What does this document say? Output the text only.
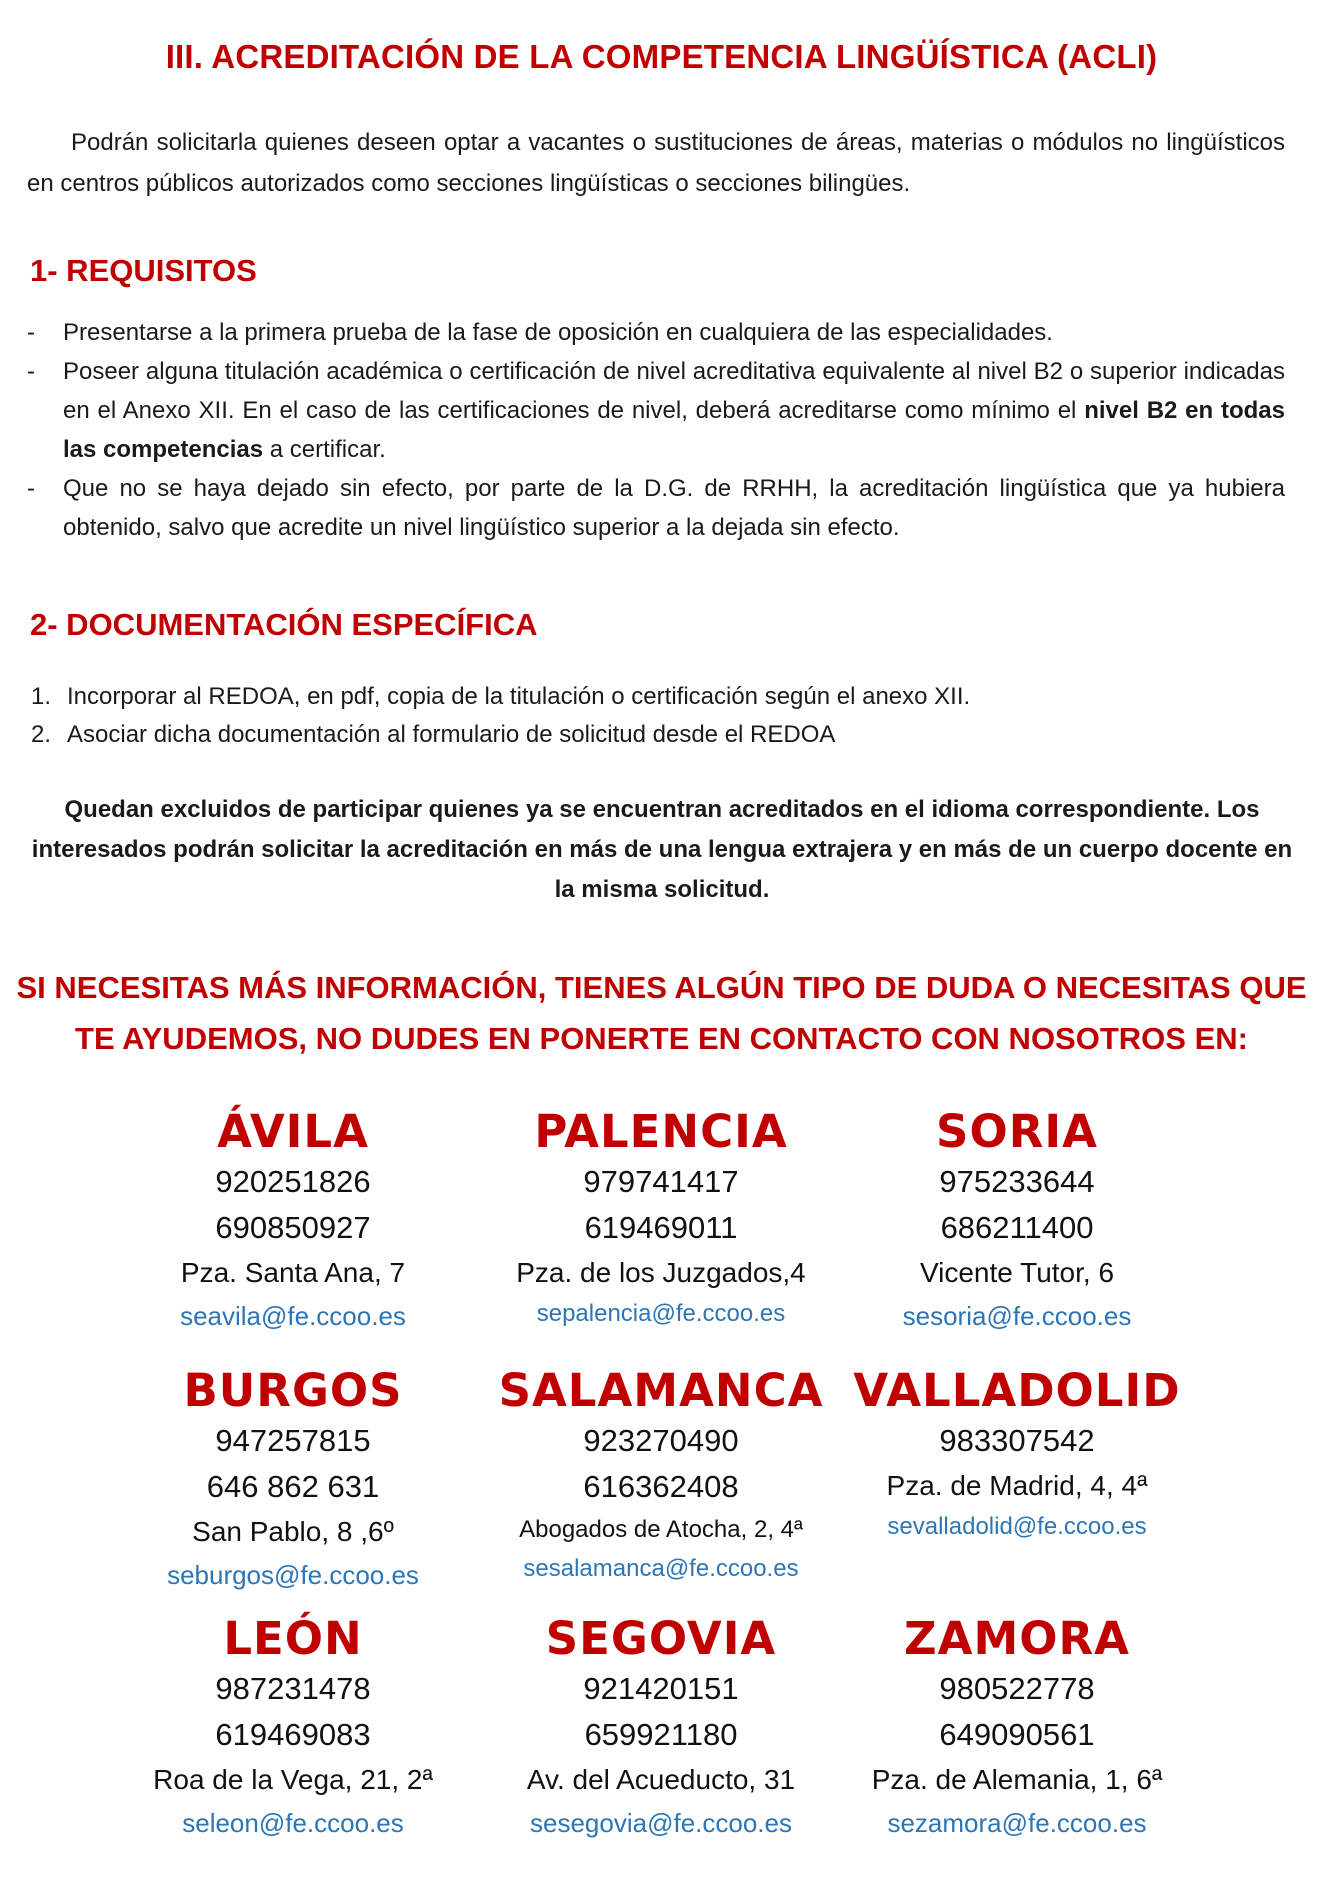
III. ACREDITACIÓN DE LA COMPETENCIA LINGÜÍSTICA (ACLI)
Podrán solicitarla quienes deseen optar a vacantes o sustituciones de áreas, materias o módulos no lingüísticos en centros públicos autorizados como secciones lingüísticas o secciones bilingües.
1- REQUISITOS
- Presentarse a la primera prueba de la fase de oposición en cualquiera de las especialidades.
- Poseer alguna titulación académica o certificación de nivel acreditativa equivalente al nivel B2 o superior indicadas en el Anexo XII. En el caso de las certificaciones de nivel, deberá acreditarse como mínimo el nivel B2 en todas las competencias a certificar.
- Que no se haya dejado sin efecto, por parte de la D.G. de RRHH, la acreditación lingüística que ya hubiera obtenido, salvo que acredite un nivel lingüístico superior a la dejada sin efecto.
2- DOCUMENTACIÓN ESPECÍFICA
1. Incorporar al REDOA, en pdf, copia de la titulación o certificación según el anexo XII.
2. Asociar dicha documentación al formulario de solicitud desde el REDOA
Quedan excluidos de participar quienes ya se encuentran acreditados en el idioma correspondiente. Los interesados podrán solicitar la acreditación en más de una lengua extrajera y en más de un cuerpo docente en la misma solicitud.
SI NECESITAS MÁS INFORMACIÓN, TIENES ALGÚN TIPO DE DUDA O NECESITAS QUE TE AYUDEMOS, NO DUDES EN PONERTE EN CONTACTO CON NOSOTROS EN:
ÁVILA
920251826
690850927
Pza. Santa Ana, 7
seavila@fe.ccoo.es
PALENCIA
979741417
619469011
Pza. de los Juzgados,4
sepalencia@fe.ccoo.es
SORIA
975233644
686211400
Vicente Tutor, 6
sesoria@fe.ccoo.es
BURGOS
947257815
646 862 631
San Pablo, 8 ,6º
seburgos@fe.ccoo.es
SALAMANCA
923270490
616362408
Abogados de Atocha, 2, 4ª
sesalamanca@fe.ccoo.es
VALLADOLID
983307542
Pza. de Madrid, 4, 4ª
sevalladolid@fe.ccoo.es
LEÓN
987231478
619469083
Roa de la Vega, 21, 2ª
seleon@fe.ccoo.es
SEGOVIA
921420151
659921180
Av. del Acueducto, 31
sesegovia@fe.ccoo.es
ZAMORA
980522778
649090561
Pza. de Alemania, 1, 6ª
sezamora@fe.ccoo.es
